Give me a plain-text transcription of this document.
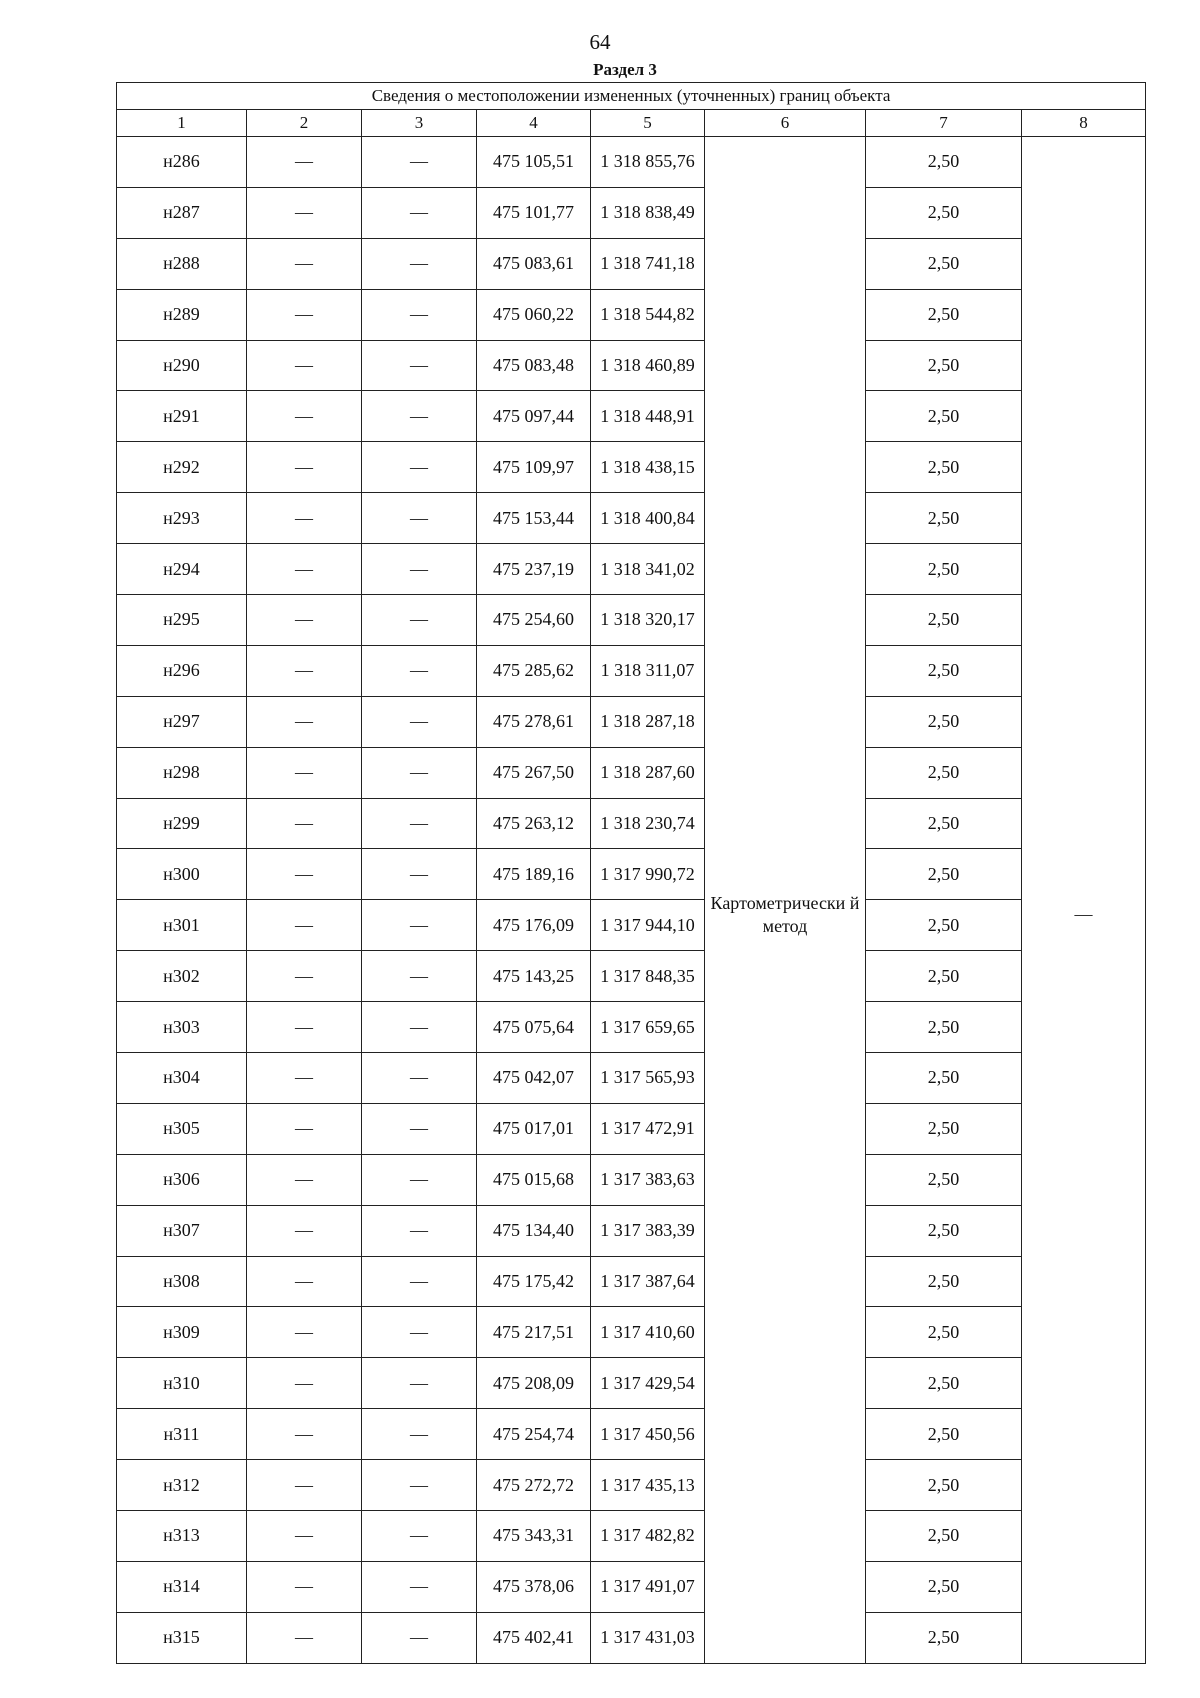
64
Раздел 3
Сведения о местоположении измененных (уточненных) границ объекта							
1	2	3	4	5	6	7	8
н286	—	—	475 105,51	1 318 855,76	Картометрически й метод	2,50	—
н287	—	—	475 101,77	1 318 838,49		2,50	
н288	—	—	475 083,61	1 318 741,18		2,50	
н289	—	—	475 060,22	1 318 544,82		2,50	
н290	—	—	475 083,48	1 318 460,89		2,50	
н291	—	—	475 097,44	1 318 448,91		2,50	
н292	—	—	475 109,97	1 318 438,15		2,50	
н293	—	—	475 153,44	1 318 400,84		2,50	
н294	—	—	475 237,19	1 318 341,02		2,50	
н295	—	—	475 254,60	1 318 320,17		2,50	
н296	—	—	475 285,62	1 318 311,07		2,50	
н297	—	—	475 278,61	1 318 287,18		2,50	
н298	—	—	475 267,50	1 318 287,60		2,50	
н299	—	—	475 263,12	1 318 230,74		2,50	
н300	—	—	475 189,16	1 317 990,72		2,50	
н301	—	—	475 176,09	1 317 944,10		2,50	
н302	—	—	475 143,25	1 317 848,35		2,50	
н303	—	—	475 075,64	1 317 659,65		2,50	
н304	—	—	475 042,07	1 317 565,93		2,50	
н305	—	—	475 017,01	1 317 472,91		2,50	
н306	—	—	475 015,68	1 317 383,63		2,50	
н307	—	—	475 134,40	1 317 383,39		2,50	
н308	—	—	475 175,42	1 317 387,64		2,50	
н309	—	—	475 217,51	1 317 410,60		2,50	
н310	—	—	475 208,09	1 317 429,54		2,50	
н311	—	—	475 254,74	1 317 450,56		2,50	
н312	—	—	475 272,72	1 317 435,13		2,50	
н313	—	—	475 343,31	1 317 482,82		2,50	
н314	—	—	475 378,06	1 317 491,07		2,50	
н315	—	—	475 402,41	1 317 431,03		2,50	
